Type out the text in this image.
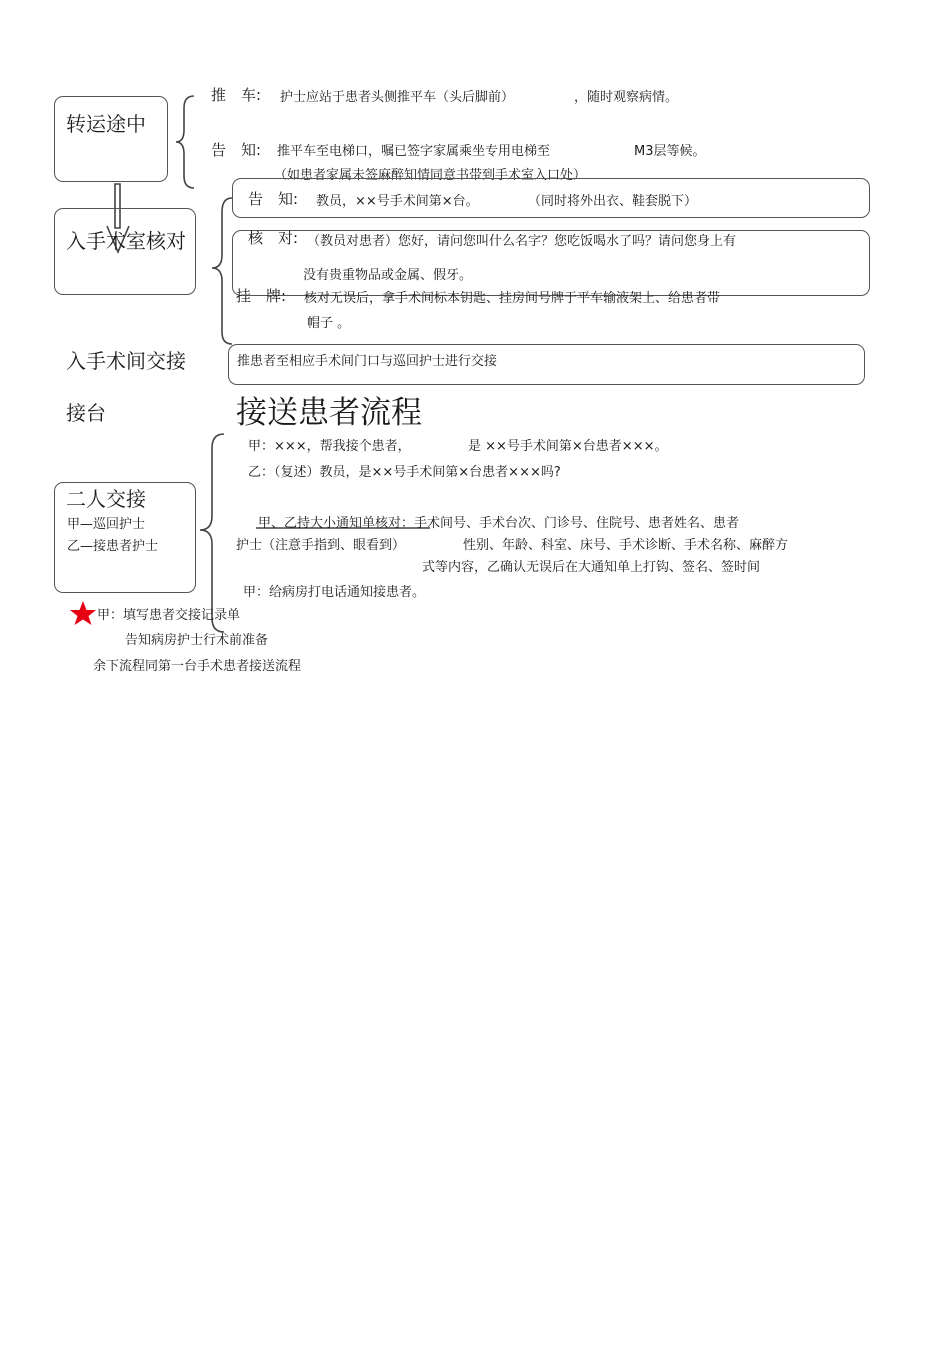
转运途中
推　车: 护士应站于患者头侧推平车（头后脚前）	，随时观察病情。
告　知: 推平车至电梯口，嘱已签字家属乘坐专用电梯至	M3层等候。
（如患者家属未签麻醉知情同意书带到手术室入口处）
入手术室核对
告　知: 教员，××号手术间第×台。	（同时将外出衣、鞋套脱下）
核　对: （教员对患者）您好，请问您叫什么名字？您吃饭喝水了吗？请问您身上有
没有贵重物品或金属、假牙。
挂　牌: 核对无误后，拿手术间标本钥匙、挂房间号牌于平车输液架上、给患者带
帽子 。
入手术间交接	推患者至相应手术间门口与巡回护士进行交接
接台	接送患者流程
二人交接
甲—巡回护士
乙—接患者护士
甲：×××，帮我接个患者，	是 ××号手术间第×台患者×××。
乙：（复述）教员，是××号手术间第×台患者×××吗?
甲、乙持大小通知单核对：手术间号、手术台次、门诊号、住院号、患者姓名、患者
护士（注意手指到、眼看到）	性别、年龄、科室、床号、手术诊断、手术名称、麻醉方
式等内容，乙确认无误后在大通知单上打钩、签名、签时间
甲：给病房打电话通知接患者。
甲：填写患者交接记录单
告知病房护士行术前准备
余下流程同第一台手术患者接送流程
